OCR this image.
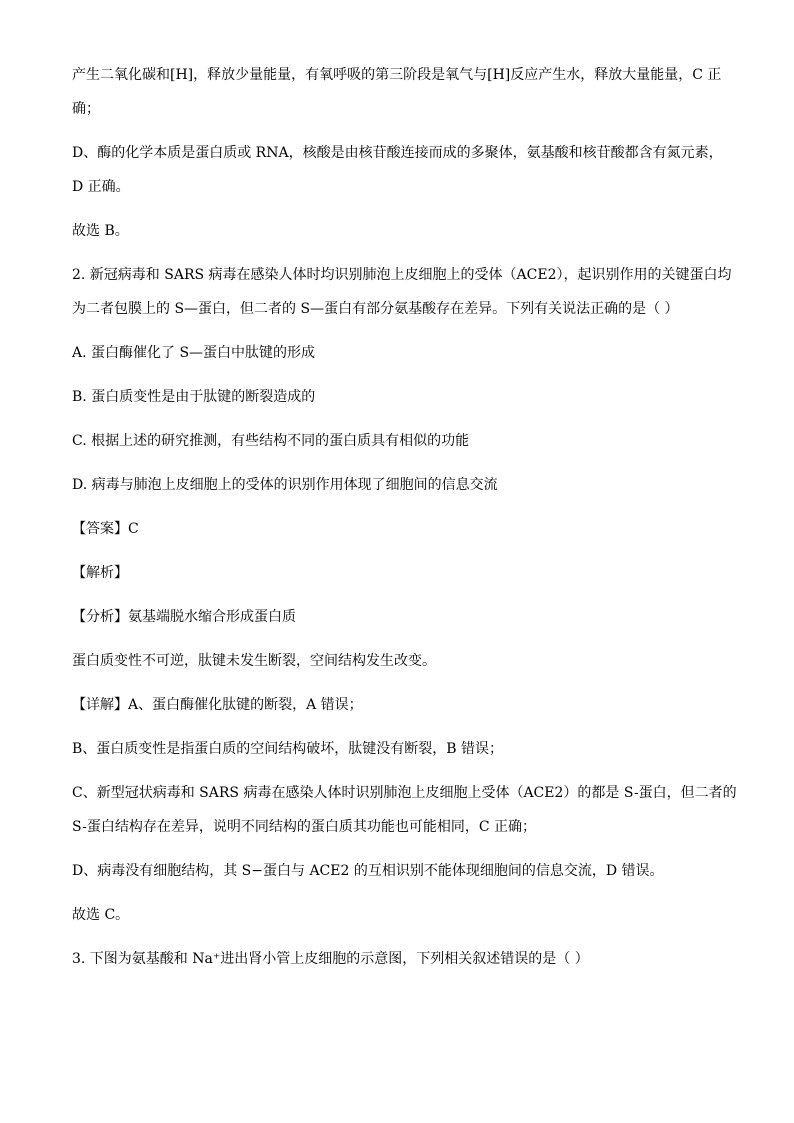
产生二氧化碳和[H]，释放少量能量，有氧呼吸的第三阶段是氧气与[H]反应产生水，释放大量能量，C 正

确；

D、酶的化学本质是蛋白质或 RNA，核酸是由核苷酸连接而成的多聚体，氨基酸和核苷酸都含有氮元素，

D 正确。

故选 B。

2. 新冠病毒和 SARS 病毒在感染人体时均识别肺泡上皮细胞上的受体（ACE2），起识别作用的关键蛋白均

为二者包膜上的 S—蛋白，但二者的 S—蛋白有部分氨基酸存在差异。下列有关说法正确的是（ ）

A. 蛋白酶催化了 S—蛋白中肽键的形成

B. 蛋白质变性是由于肽键的断裂造成的

C. 根据上述的研究推测，有些结构不同的蛋白质具有相似的功能

D. 病毒与肺泡上皮细胞上的受体的识别作用体现了细胞间的信息交流

【答案】C

【解析】

【分析】氨基端脱水缩合形成蛋白质

蛋白质变性不可逆，肽键未发生断裂，空间结构发生改变。

【详解】A、蛋白酶催化肽键的断裂，A 错误；

B、蛋白质变性是指蛋白质的空间结构破坏，肽键没有断裂，B 错误；

C、新型冠状病毒和 SARS 病毒在感染人体时识别肺泡上皮细胞上受体（ACE2）的都是 S-蛋白，但二者的

S-蛋白结构存在差异，说明不同结构的蛋白质其功能也可能相同，C 正确；

D、病毒没有细胞结构，其 S−蛋白与 ACE2 的互相识别不能体现细胞间的信息交流，D 错误。

故选 C。

3. 下图为氨基酸和 Na⁺进出肾小管上皮细胞的示意图，下列相关叙述错误的是（ ）
